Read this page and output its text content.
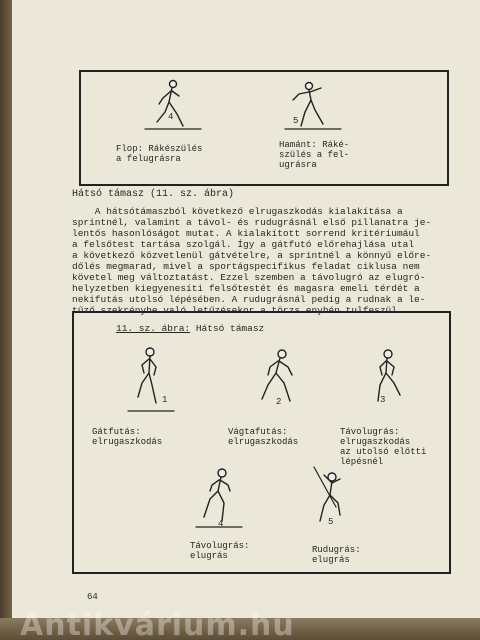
4	5
Flop: Rákészülés
a felugrásra
Hamánt: Ráké-
szülés a fel-
ugrásra
Hátsó támasz (11. sz. ábra)
A hátsótámaszból következő elrugaszkodás kialakítása a
sprintnél, valamint a távol- és rudugrásnál első pillanatra je-
lentős hasonlóságot mutat. A kialakított sorrend kritériumául
a felsőtest tartása szolgál. Így a gátfutó előrehajlása utal
a következő közvetlenül gátvételre, a sprintnél a könnyű előre-
dőlés megmarad, mivel a sportágspecifikus feladat ciklusa nem
követel meg változtatást. Ezzel szemben a távolugró az elugró-
helyzetben kiegyenesíti felsőtestét és magasra emeli térdét a
nekifutás utolsó lépésében. A rudugrásnál pedig a rudnak a le-
tűző szekrénybe való letűzésekor a törzs enyhén tulfeszül.
11. sz. ábra: Hátsó támasz
1	2	3
Gátfutás:
elrugaszkodás
Vágtafutás:
elrugaszkodás
Távolugrás:
elrugaszkodás
az utolsó előtti
lépésnél
4	5
Távolugrás:
elugrás
Rudugrás:
elugrás
64
Antikvárium.hu
